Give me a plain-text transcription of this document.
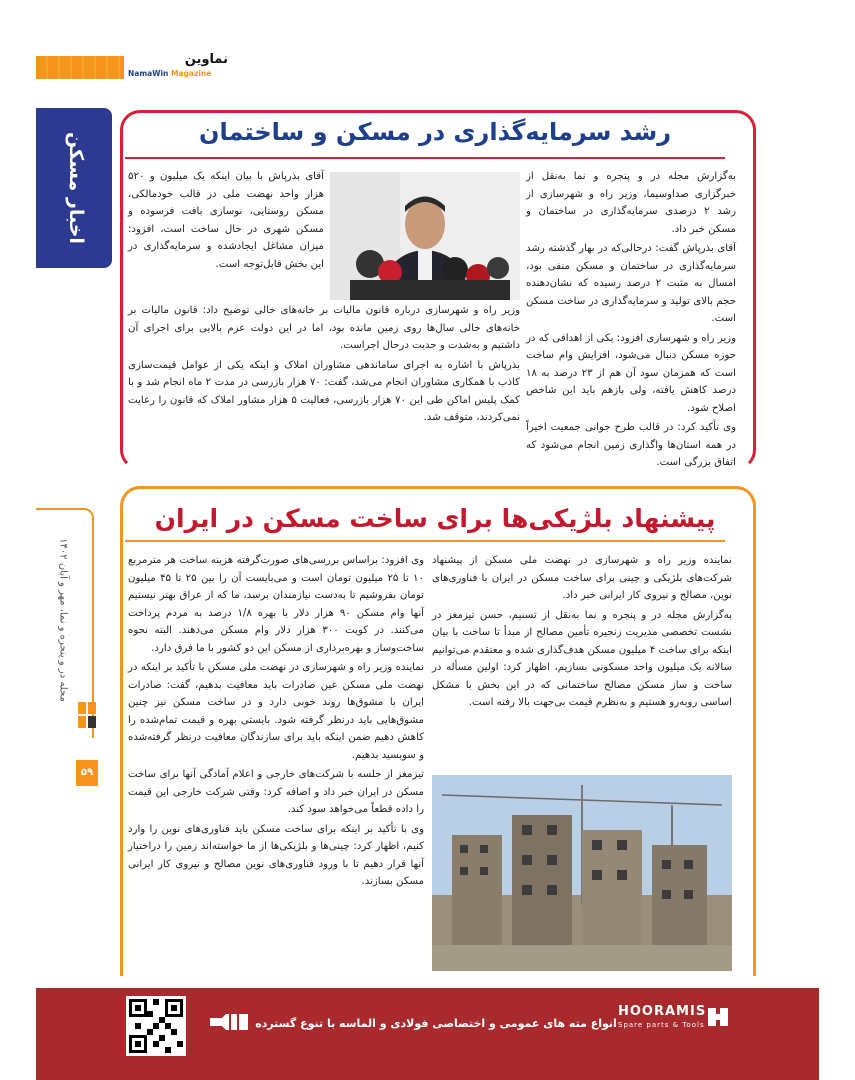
نماوین
NamaWin Magazine
اخبار مسکن
مجله در و پنجره و نما، مهر و آبان ۱۴۰۲
۵۹
رشد سرمایه‌گذاری در مسکن و ساختمان

به‌گزارش مجله در و پنجره و نما به‌نقل از خبرگزاری صداوسیما، وزیر راه و شهرسازی از رشد ۲ درصدی سرمایه‌گذاری در ساختمان و مسکن خبر داد.

آقای بذرپاش گفت: درحالی‌که در بهار گذشته رشد سرمایه‌گذاری در ساختمان و مسکن منفی بود، امسال به مثبت ۲ درصد رسیده که نشان‌دهنده حجم بالای تولید و سرمایه‌گذاری در ساخت مسکن است.

وزیر راه و شهرسازی افزود: یکی از اهدافی که در حوزه مسکن دنبال می‌شود، افزایش وام ساخت است که همزمان سود آن هم از ۲۳ درصد به ۱۸ درصد کاهش یافته، ولی بازهم باید این شاخص اصلاح شود.

وی تأکید کرد: در قالب طرح جوانی جمعیت اخیراً در همه استان‌ها واگذاری زمین انجام می‌شود که اتفاق بزرگی است.

آقای بذرپاش با بیان اینکه یک میلیون و ۵۲۰ هزار واحد نهضت ملی در قالب خودمالکی، مسکن روستایی، نوسازی بافت فرسوده و مسکن شهری در حال ساخت است، افزود: میزان مشاغل ایجادشده و سرمایه‌گذاری در این بخش قابل‌توجه است.

وزیر راه و شهرسازی درباره قانون مالیات بر خانه‌های خالی توضیح داد: قانون مالیات بر خانه‌های خالی سال‌ها روی زمین مانده بود، اما در این دولت عزم بالایی برای اجرای آن داشتیم و به‌شدت و جدیت درحال اجراست.

بذرپاش با اشاره به اجرای ساماندهی مشاوران املاک و اینکه یکی از عوامل قیمت‌سازی کاذب با همکاری مشاوران انجام می‌شد، گفت: ۷۰ هزار بازرسی در مدت ۲ ماه انجام شد و با کمک پلیس اماکن طی این ۷۰ هزار بازرسی، فعالیت ۵ هزار مشاور املاک که قانون را رعایت نمی‌کردند، متوقف شد.

پیشنهاد بلژیکی‌ها برای ساخت مسکن در ایران

نماینده وزیر راه و شهرسازی در نهضت ملی مسکن از پیشنهاد شرکت‌های بلژیکی و چینی برای ساخت مسکن در ایران با فناوری‌های نوین، مصالح و نیروی کار ایرانی خبر داد.

به‌گزارش مجله در و پنجره و نما به‌نقل از تسنیم، حسن تیزمغز در نشست تخصصی مدیریت زنجیره تأمین مصالح از مبدأ تا ساخت با بیان اینکه برای ساخت ۴ میلیون مسکن هدف‌گذاری شده و معتقدم می‌توانیم سالانه یک میلیون واحد مسکونی بسازیم، اظهار کرد: اولین مسأله در ساخت و ساز مسکن مصالح ساختمانی که در این بخش با مشکل اساسی روبه‌رو هستیم و به‌نظرم قیمت بی‌جهت بالا رفته است.

وی افزود: براساس بررسی‌های صورت‌گرفته هزینه ساخت هر مترمربع ۱۰ تا ۲۵ میلیون تومان است و می‌بایست آن را بین ۲۵ تا ۴۵ میلیون تومان بفروشیم تا به‌دست نیازمندان برسد، ما که از عراق بهتر نیستیم آنها وام مسکن ۹۰ هزار دلار با بهره ۱/۸ درصد به مردم پرداخت می‌کنند. در کویت ۳۰۰ هزار دلار وام مسکن می‌دهند. البته نحوه ساخت‌وساز و بهره‌برداری از مسکن این دو کشور با ما فرق دارد.

نماینده وزیر راه و شهرسازی در نهضت ملی مسکن با تأکید بر اینکه در نهضت ملی مسکن عین صادرات باید معافیت بدهیم، گفت: صادرات ایران با مشوق‌ها روند خوبی دارد و در ساخت مسکن نیز چنین مشوق‌هایی باید درنظر گرفته شود. بایستی بهره و قیمت تمام‌شده را کاهش دهیم ضمن اینکه باید برای سازندگان معافیت درنظر گرفته‌شده و سوبسید بدهیم.

تیزمغز از جلسه با شرکت‌های خارجی و اعلام آمادگی آنها برای ساخت مسکن در ایران خبر داد و اضافه کرد: وقتی شرکت خارجی این قیمت را داده قطعاً می‌خواهد سود کند.

وی با تأکید بر اینکه برای ساخت مسکن باید فناوری‌های نوین را وارد کنیم، اظهار کرد: چینی‌ها و بلژیکی‌ها از ما خواسته‌اند زمین را دراختیار آنها قرار دهیم تا با ورود فناوری‌های نوین مصالح و نیروی کار ایرانی مسکن بسازند.

انواع مته های عمومی و اختصاصی فولادی و الماسه با تنوع گسترده
HOORAMIS
Spare parts & Tools
